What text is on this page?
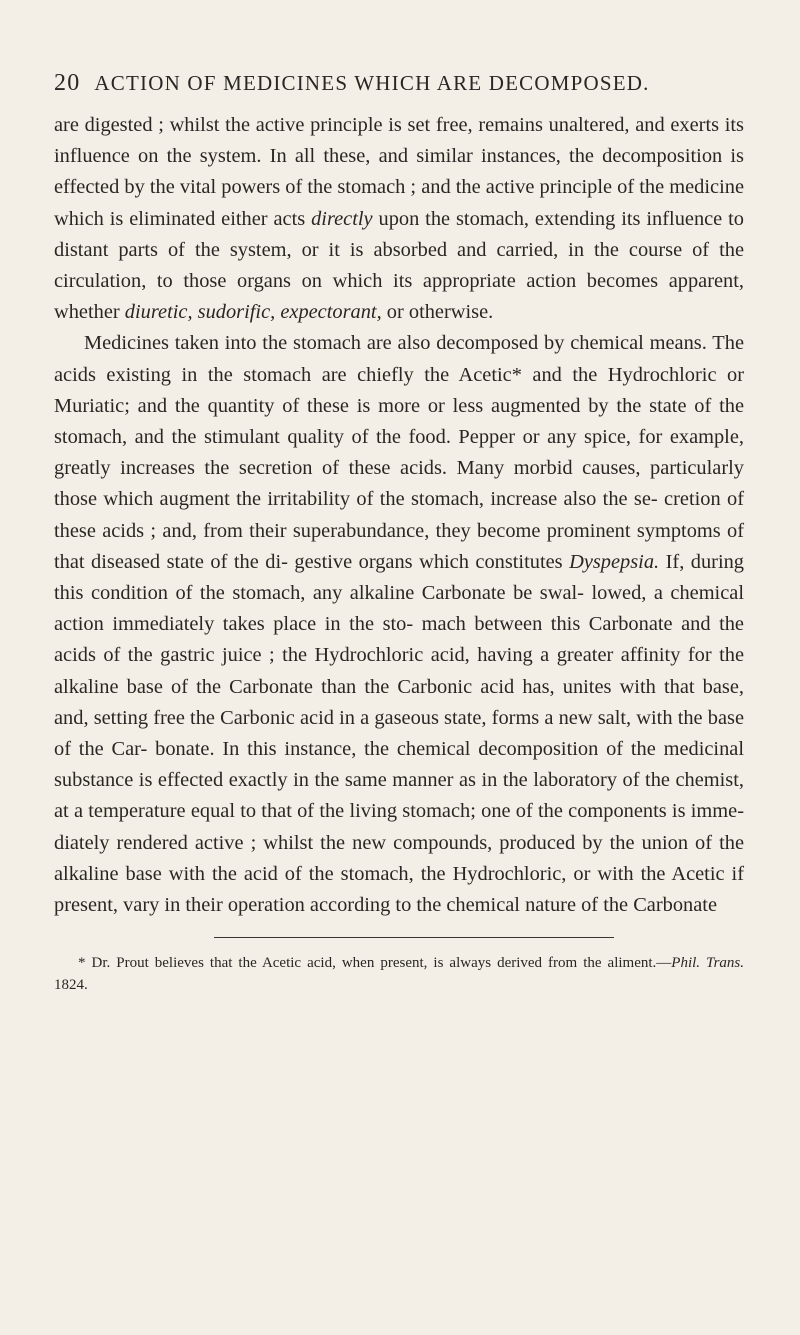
20 ACTION OF MEDICINES WHICH ARE DECOMPOSED.

are digested ; whilst the active principle is set free, remains unaltered, and exerts its influence on the system. In all these, and similar instances, the decomposition is effected by the vital powers of the stomach ; and the active principle of the medicine which is eliminated either acts directly upon the stomach, extending its influence to distant parts of the system, or it is absorbed and carried, in the course of the circulation, to those organs on which its appropriate action becomes apparent, whether diuretic, sudorific, expectorant, or otherwise.

Medicines taken into the stomach are also decomposed by chemical means. The acids existing in the stomach are chiefly the Acetic* and the Hydrochloric or Muriatic; and the quantity of these is more or less augmented by the state of the stomach, and the stimulant quality of the food. Pepper or any spice, for example, greatly increases the secretion of these acids. Many morbid causes, particularly those which augment the irritability of the stomach, increase also the se- cretion of these acids ; and, from their superabundance, they become prominent symptoms of that diseased state of the di- gestive organs which constitutes Dyspepsia. If, during this condition of the stomach, any alkaline Carbonate be swal- lowed, a chemical action immediately takes place in the sto- mach between this Carbonate and the acids of the gastric juice ; the Hydrochloric acid, having a greater affinity for the alkaline base of the Carbonate than the Carbonic acid has, unites with that base, and, setting free the Carbonic acid in a gaseous state, forms a new salt, with the base of the Car- bonate. In this instance, the chemical decomposition of the medicinal substance is effected exactly in the same manner as in the laboratory of the chemist, at a temperature equal to that of the living stomach; one of the components is imme- diately rendered active ; whilst the new compounds, produced by the union of the alkaline base with the acid of the stomach, the Hydrochloric, or with the Acetic if present, vary in their operation according to the chemical nature of the Carbonate

* Dr. Prout believes that the Acetic acid, when present, is always derived from the aliment.—Phil. Trans. 1824.
